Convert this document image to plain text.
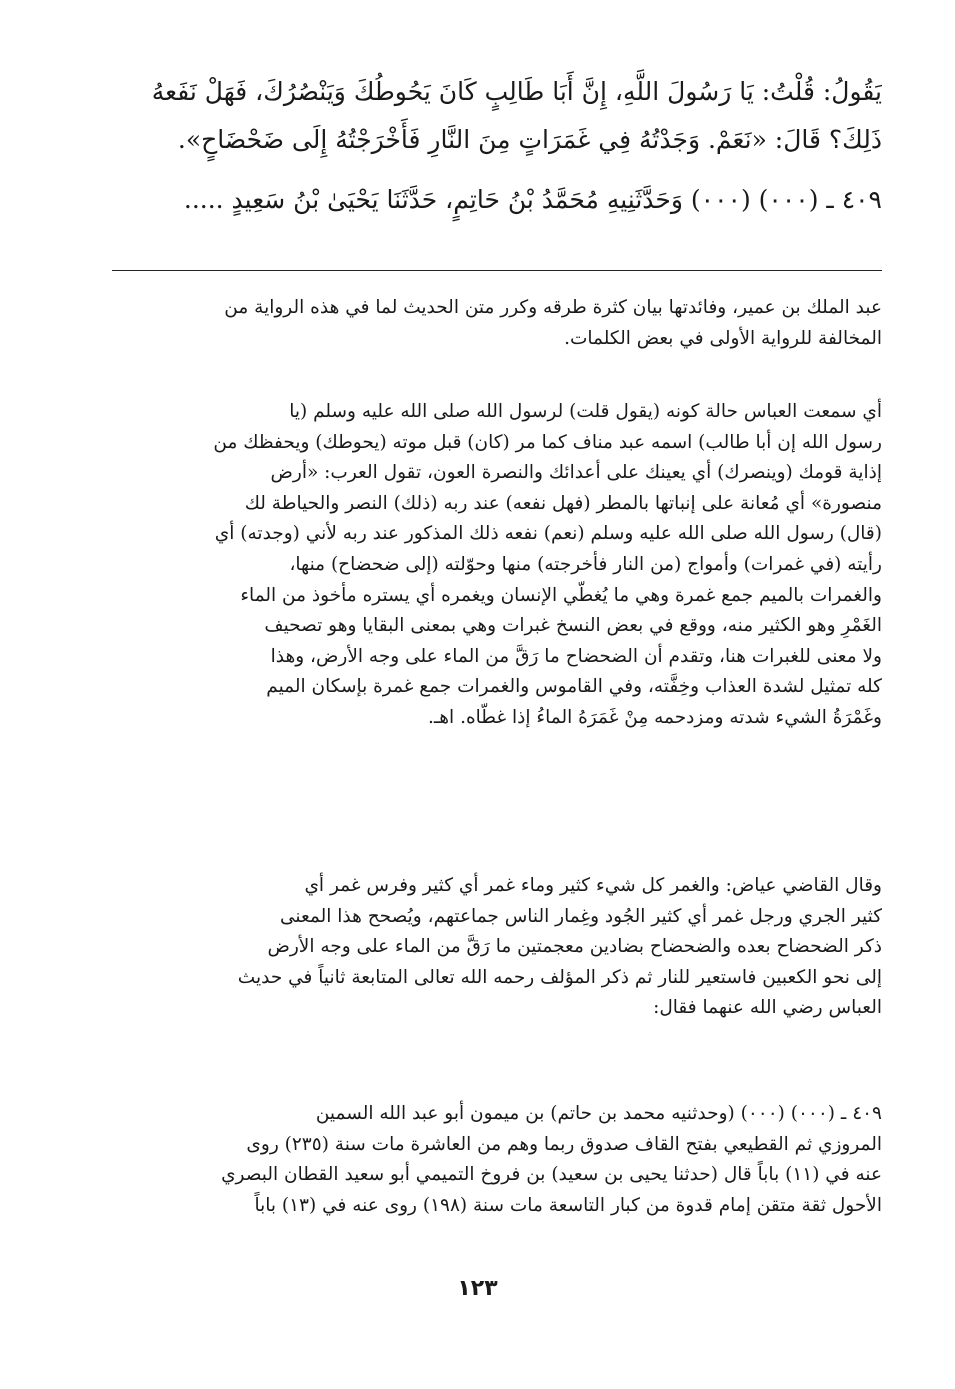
يَقُولُ: قُلْتُ: يَا رَسُولَ اللَّهِ، إِنَّ أَبَا طَالِبٍ كَانَ يَحُوطُكَ وَيَنْصُرُكَ، فَهَلْ نَفَعهُ
ذَلِكَ؟ قَالَ: «نَعَمْ. وَجَدْتُهُ فِي غَمَرَاتٍ مِنَ النَّارِ فَأَخْرَجْتُهُ إِلَى ضَحْضَاحٍ».
٤٠٩ ـ (٠٠٠) (٠٠٠) وَحَدَّثَنِيهِ مُحَمَّدُ بْنُ حَاتِمٍ، حَدَّثَنَا يَحْيَىٰ بْنُ سَعِيدٍ .....
عبد الملك بن عمير، وفائدتها بيان كثرة طرقه وكرر متن الحديث لما في هذه الرواية من
المخالفة للرواية الأولى في بعض الكلمات.
أي سمعت العباس حالة كونه (يقول قلت) لرسول الله صلى الله عليه وسلم (يا
رسول الله إن أبا طالب) اسمه عبد مناف كما مر (كان) قبل موته (يحوطك) ويحفظك من
إذاية قومك (وينصرك) أي يعينك على أعدائك والنصرة العون، تقول العرب: «أرض
منصورة» أي مُعانة على إنباتها بالمطر (فهل نفعه) عند ربه (ذلك) النصر والحياطة لك
(قال) رسول الله صلى الله عليه وسلم (نعم) نفعه ذلك المذكور عند ربه لأني (وجدته) أي
رأيته (في غمرات) وأمواج (من النار فأخرجته) منها وحوّلته (إلى ضحضاح) منها،
والغمرات بالميم جمع غمرة وهي ما يُغطّي الإنسان ويغمره أي يستره مأخوذ من الماء
الغَمْرِ وهو الكثير منه، ووقع في بعض النسخ غبرات وهي بمعنى البقايا وهو تصحيف
ولا معنى للغبرات هنا، وتقدم أن الضحضاح ما رَقَّ من الماء على وجه الأرض، وهذا
كله تمثيل لشدة العذاب وخِفَّته، وفي القاموس والغمرات جمع غمرة بإسكان الميم
وغَمْرَةُ الشيء شدته ومزدحمه مِنْ غَمَرَهُ الماءُ إذا غطّاه. اهـ.
وقال القاضي عياض: والغمر كل شيء كثير وماء غمر أي كثير وفرس غمر أي
كثير الجري ورجل غمر أي كثير الجُود وغِمار الناس جماعتهم، ويُصحح هذا المعنى
ذكر الضحضاح بعده والضحضاح بضادين معجمتين ما رَقَّ من الماء على وجه الأرض
إلى نحو الكعبين فاستعير للنار ثم ذكر المؤلف رحمه الله تعالى المتابعة ثانياً في حديث
العباس رضي الله عنهما فقال:
٤٠٩ ـ (٠٠٠) (٠٠٠) (وحدثنيه محمد بن حاتم) بن ميمون أبو عبد الله السمين
المروزي ثم القطيعي بفتح القاف صدوق ربما وهم من العاشرة مات سنة (٢٣٥) روى
عنه في (١١) باباً قال (حدثنا يحيى بن سعيد) بن فروخ التميمي أبو سعيد القطان البصري
الأحول ثقة متقن إمام قدوة من كبار التاسعة مات سنة (١٩٨) روى عنه في (١٣) باباً
١٢٣
